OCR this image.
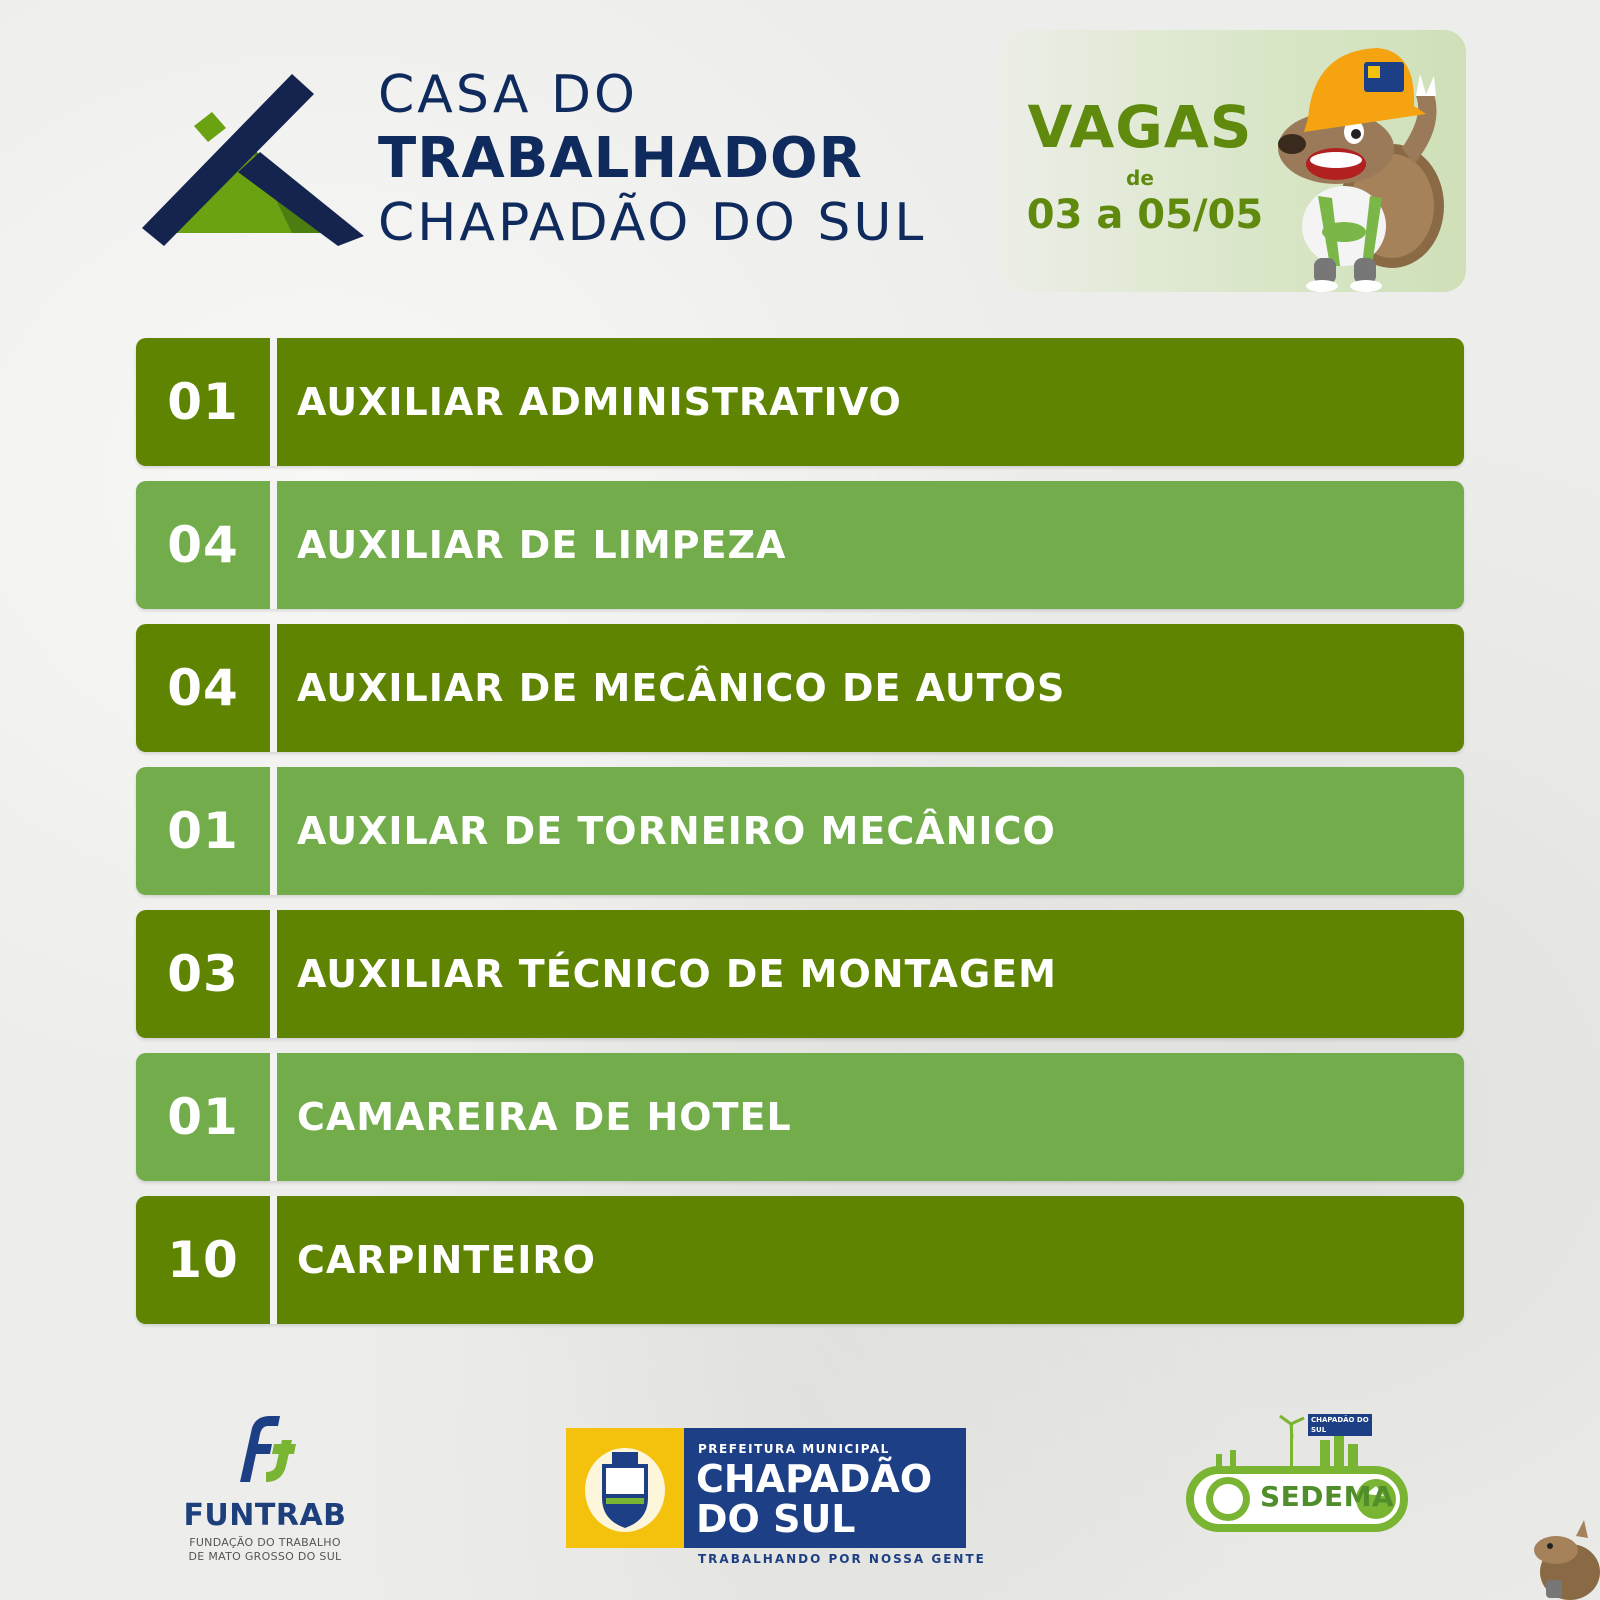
CASA DO
TRABALHADOR
CHAPADÃO DO SUL
VAGAS
de
03 a 05/05
01	AUXILIAR ADMINISTRATIVO
04	AUXILIAR DE LIMPEZA
04	AUXILIAR DE MECÂNICO DE AUTOS
01	AUXILAR DE TORNEIRO MECÂNICO
03	AUXILIAR TÉCNICO DE MONTAGEM
01	CAMAREIRA DE HOTEL
10	CARPINTEIRO
FUNTRAB
FUNDAÇÃO DO TRABALHO
DE MATO GROSSO DO SUL
PREFEITURA MUNICIPAL
CHAPADÃO
DO SUL
TRABALHANDO POR NOSSA GENTE
CHAPADÃO DO SUL
SEDEMA
